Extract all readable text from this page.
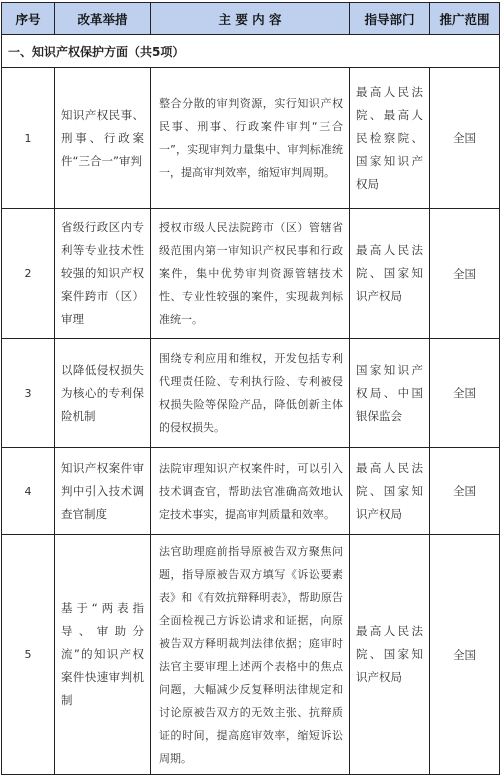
序号	改革举措	主 要 内 容	指导部门	推广范围
一、知识产权保护方面（共5项）				
1	知识产权民事、刑事、行政案件“三合一”审判	整合分散的审判资源，实行知识产权民事、刑事、行政案件审判“三合一”，实现审判力量集中、审判标准统一，提高审判效率，缩短审判周期。	最高人民法院、最高人民检察院、国家知识产权局	全国
2	省级行政区内专利等专业技术性较强的知识产权案件跨市（区）审理	授权市级人民法院跨市（区）管辖省级范围内第一审知识产权民事和行政案件，集中优势审判资源管辖技术性、专业性较强的案件，实现裁判标准统一。	最高人民法院、国家知识产权局	全国
3	以降低侵权损失为核心的专利保险机制	围绕专利应用和维权，开发包括专利代理责任险、专利执行险、专利被侵权损失险等保险产品，降低创新主体的侵权损失。	国家知识产权局、中国银保监会	全国
4	知识产权案件审判中引入技术调查官制度	法院审理知识产权案件时，可以引入技术调查官，帮助法官准确高效地认定技术事实，提高审判质量和效率。	最高人民法院、国家知识产权局	全国
5	基于“两表指导、审助分流”的知识产权案件快速审判机制	法官助理庭前指导原被告双方聚焦问题，指导原被告双方填写《诉讼要素表》和《有效抗辩释明表》，帮助原告全面检视己方诉讼请求和证据，向原被告双方释明裁判法律依据；庭审时法官主要审理上述两个表格中的焦点问题，大幅减少反复释明法律规定和讨论原被告双方的无效主张、抗辩质证的时间，提高庭审效率，缩短诉讼周期。	最高人民法院、国家知识产权局	全国
